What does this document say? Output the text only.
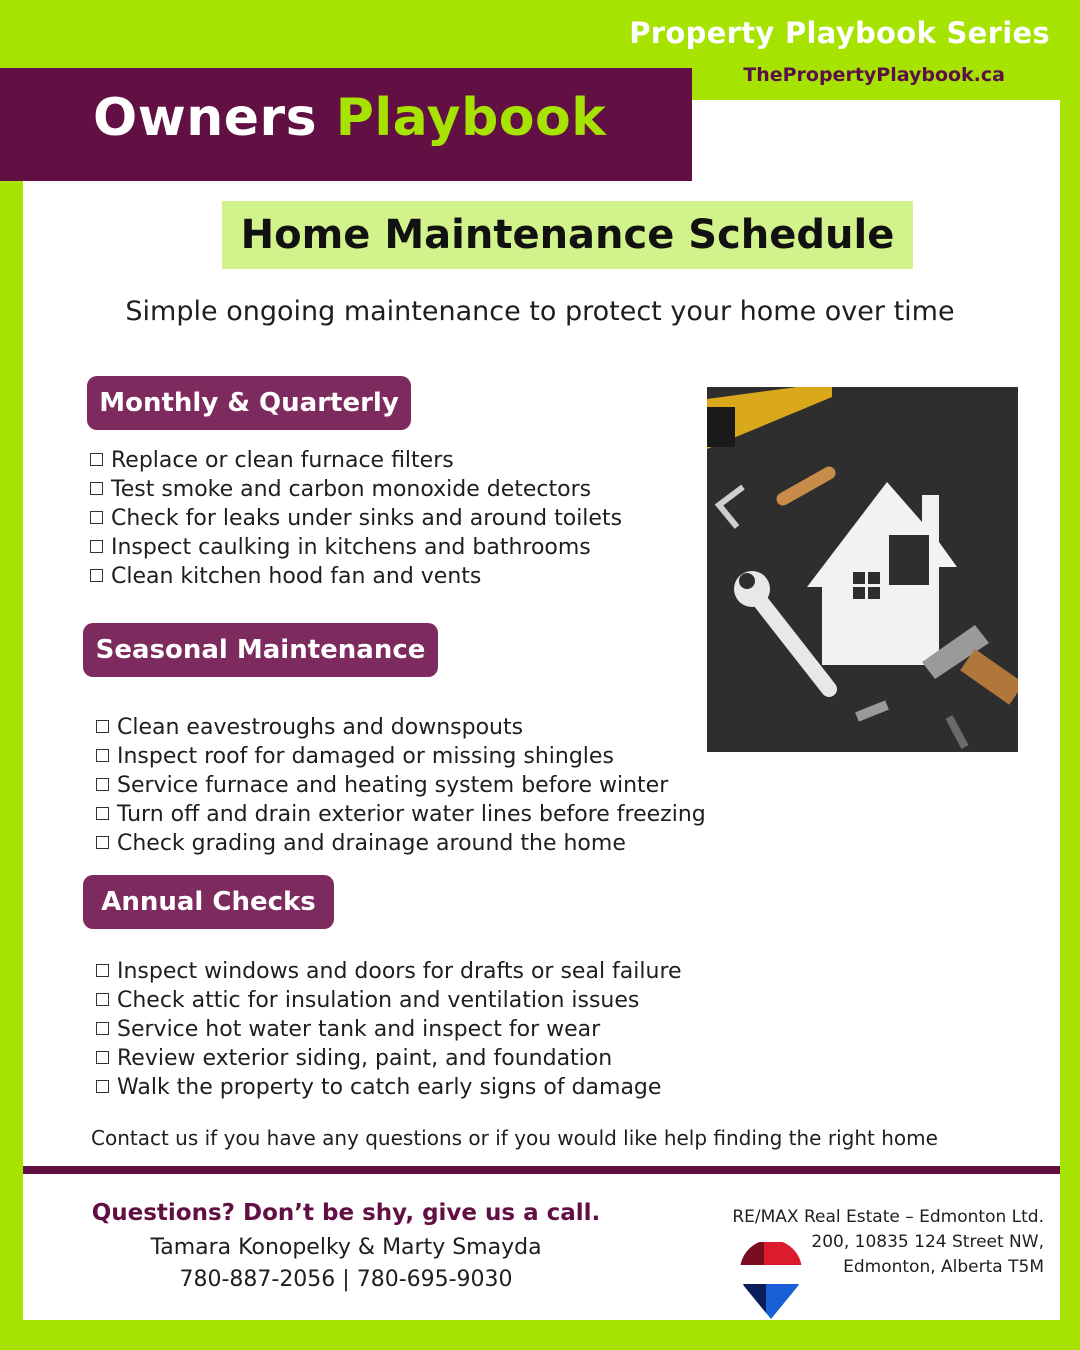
Property Playbook Series
ThePropertyPlaybook.ca
Owners Playbook
Home Maintenance Schedule
Simple ongoing maintenance to protect your home over time
Monthly & Quarterly
Replace or clean furnace filters
Test smoke and carbon monoxide detectors
Check for leaks under sinks and around toilets
Inspect caulking in kitchens and bathrooms
Clean kitchen hood fan and vents
Seasonal Maintenance
Clean eavestroughs and downspouts
Inspect roof for damaged or missing shingles
Service furnace and heating system before winter
Turn off and drain exterior water lines before freezing
Check grading and drainage around the home
Annual Checks
Inspect windows and doors for drafts or seal failure
Check attic for insulation and ventilation issues
Service hot water tank and inspect for wear
Review exterior siding, paint, and foundation
Walk the property to catch early signs of damage
Contact us if you have any questions or if you would like help finding the right home
Questions? Don’t be shy, give us a call.
Tamara Konopelky & Marty Smayda
780-887-2056 | 780-695-9030
RE/MAX Real Estate – Edmonton Ltd.
200, 10835 124 Street NW,
Edmonton, Alberta T5M
